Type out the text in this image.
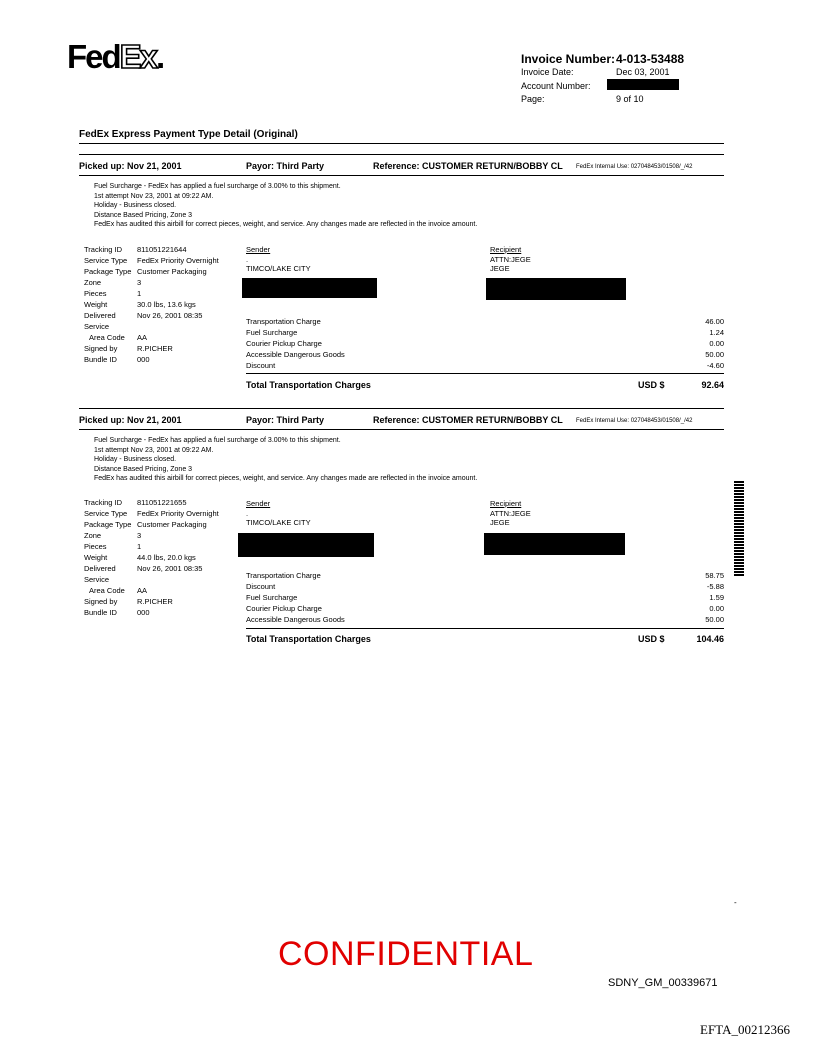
FedEx.	Invoice Number: 4-013-53488
Invoice Date:	Dec 03, 2001
Account Number:
Page:	9 of 10
FedEx Express Payment Type Detail (Original)
Picked up: Nov 21, 2001	Payor: Third Party	Reference: CUSTOMER RETURN/BOBBY CL FedEx Internal Use: 027048453/01508/_/42
Fuel Surcharge - FedEx has applied a fuel surcharge of 3.00% to this shipment.
1st attempt Nov 23, 2001 at 09:22 AM.
Holiday - Business closed.
Distance Based Pricing, Zone 3
FedEx has audited this airbill for correct pieces, weight, and service. Any changes made are reflected in the invoice amount.
Tracking ID 811051221644
Service Type FedEx Priority Overnight
Package Type Customer Packaging
Zone	3
Pieces	1
Weight	30.0 lbs, 13.6 kgs
Delivered	Nov 26, 2001 08:35
Service
Area Code AA
Signed by	R.PICHER
Bundle ID	000
Sender
.
TIMCO/LAKE CITY
Recipient
ATTN:JEGE
JEGE
Transportation Charge	46.00
Fuel Surcharge	1.24
Courier Pickup Charge	0.00
Accessible Dangerous Goods	50.00
Discount	-4.60
Total Transportation Charges	USD $	92.64
Picked up: Nov 21, 2001	Payor: Third Party	Reference: CUSTOMER RETURN/BOBBY CL FedEx Internal Use: 027048453/01508/_/42
Fuel Surcharge - FedEx has applied a fuel surcharge of 3.00% to this shipment.
1st attempt Nov 23, 2001 at 09:22 AM.
Holiday - Business closed.
Distance Based Pricing, Zone 3
FedEx has audited this airbill for correct pieces, weight, and service. Any changes made are reflected in the invoice amount.
Tracking ID 811051221655
Service Type FedEx Priority Overnight
Package Type Customer Packaging
Zone	3
Pieces	1
Weight	44.0 lbs, 20.0 kgs
Delivered	Nov 26, 2001 08:35
Service
Area Code AA
Signed by	R.PICHER
Bundle ID	000
Sender
.
TIMCO/LAKE CITY
Recipient
ATTN:JEGE
JEGE
Transportation Charge	58.75
Discount	-5.88
Fuel Surcharge	1.59
Courier Pickup Charge	0.00
Accessible Dangerous Goods	50.00
Total Transportation Charges	USD $	104.46
-
CONFIDENTIAL
SDNY_GM_00339671
EFTA_00212366
